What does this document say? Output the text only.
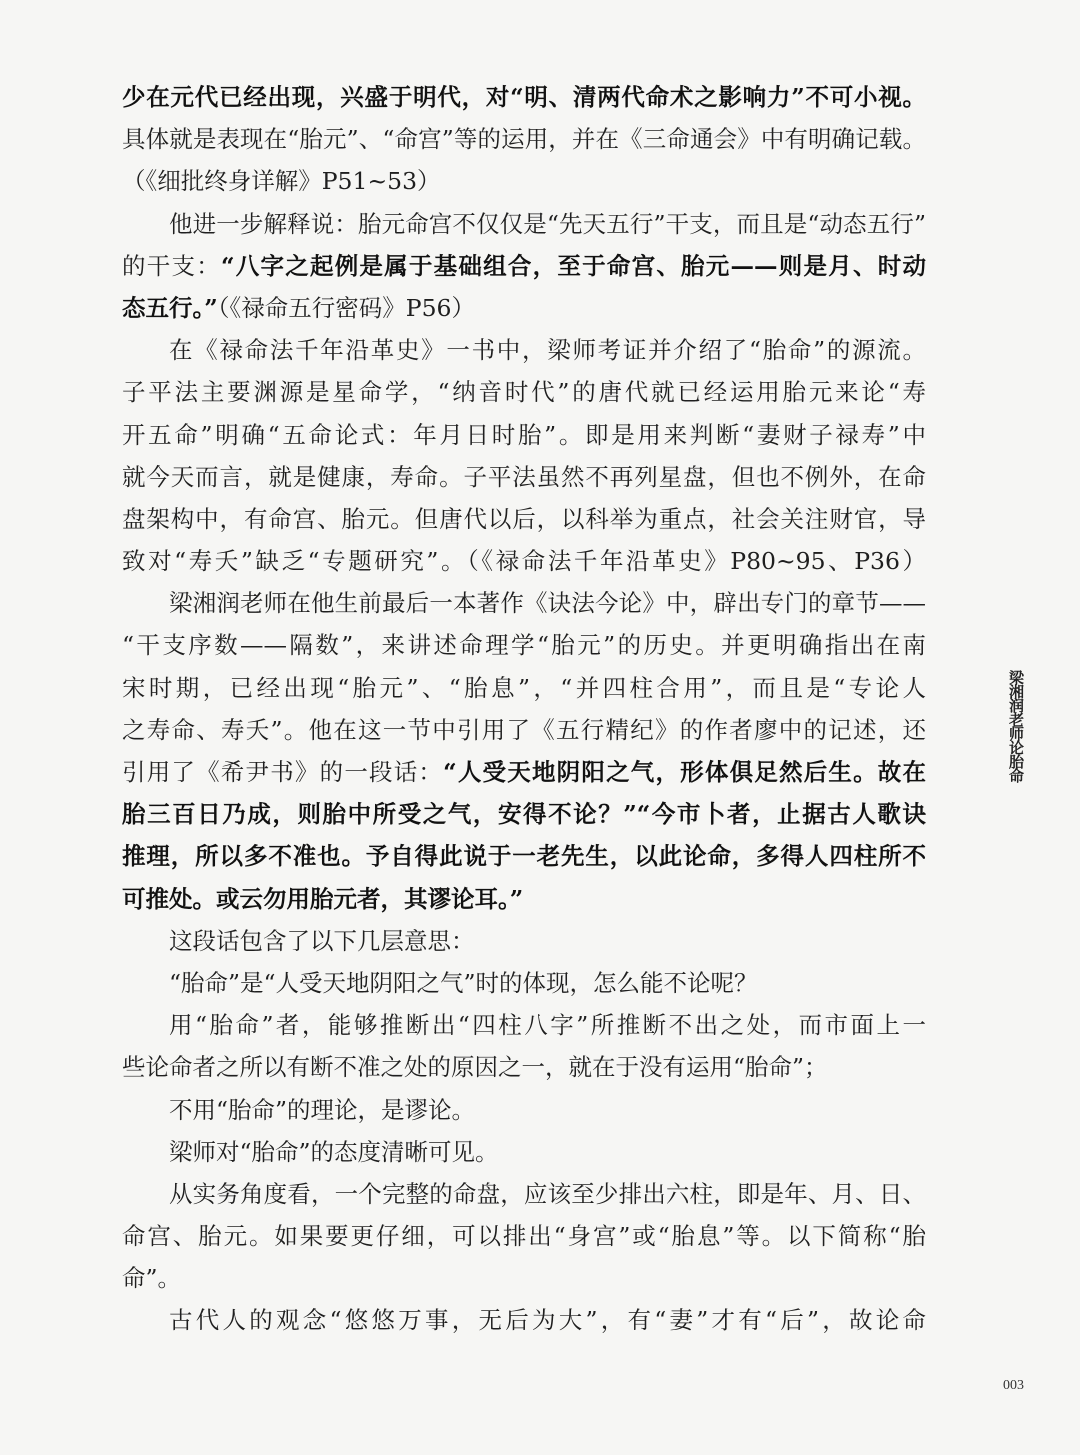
少在元代已经出现，兴盛于明代，对“明、清两代命术之影响力”不可小视。
具体就是表现在“胎元”、“命宫”等的运用，并在《三命通会》中有明确记载。
（《细批终身详解》P51~53）
他进一步解释说：胎元命宫不仅仅是“先天五行”干支，而且是“动态五行”
的干支：“八字之起例是属于基础组合，至于命宫、胎元——则是月、时动
态五行。”（《禄命五行密码》P56）
在《禄命法千年沿革史》一书中，梁师考证并介绍了“胎命”的源流。
子平法主要渊源是星命学，“纳音时代”的唐代就已经运用胎元来论“寿
开五命”明确“五命论式：年月日时胎”。即是用来判断“妻财子禄寿”中
就今天而言，就是健康，寿命。子平法虽然不再列星盘，但也不例外，在命
盘架构中，有命宫、胎元。但唐代以后，以科举为重点，社会关注财官，导
致对“寿夭”缺乏“专题研究”。（《禄命法千年沿革史》P80~95、P36）
梁湘润老师在他生前最后一本著作《诀法今论》中，辟出专门的章节——
“干支序数——隔数”，来讲述命理学“胎元”的历史。并更明确指出在南
宋时期，已经出现“胎元”、“胎息”，“并四柱合用”，而且是“专论人
之寿命、寿夭”。他在这一节中引用了《五行精纪》的作者廖中的记述，还
引用了《希尹书》的一段话：“人受天地阴阳之气，形体俱足然后生。故在
胎三百日乃成，则胎中所受之气，安得不论？”“今市卜者，止据古人歌诀
推理，所以多不准也。予自得此说于一老先生，以此论命，多得人四柱所不
可推处。或云勿用胎元者，其谬论耳。”
这段话包含了以下几层意思：
“胎命”是“人受天地阴阳之气”时的体现，怎么能不论呢？
用“胎命”者，能够推断出“四柱八字”所推断不出之处，而市面上一
些论命者之所以有断不准之处的原因之一，就在于没有运用“胎命”；
不用“胎命”的理论，是谬论。
梁师对“胎命”的态度清晰可见。
从实务角度看，一个完整的命盘，应该至少排出六柱，即是年、月、日、
命宫、胎元。如果要更仔细，可以排出“身宫”或“胎息”等。以下简称“胎
命”。
古代人的观念“悠悠万事，无后为大”，有“妻”才有“后”，故论命
梁湘润老师论胎命
003
